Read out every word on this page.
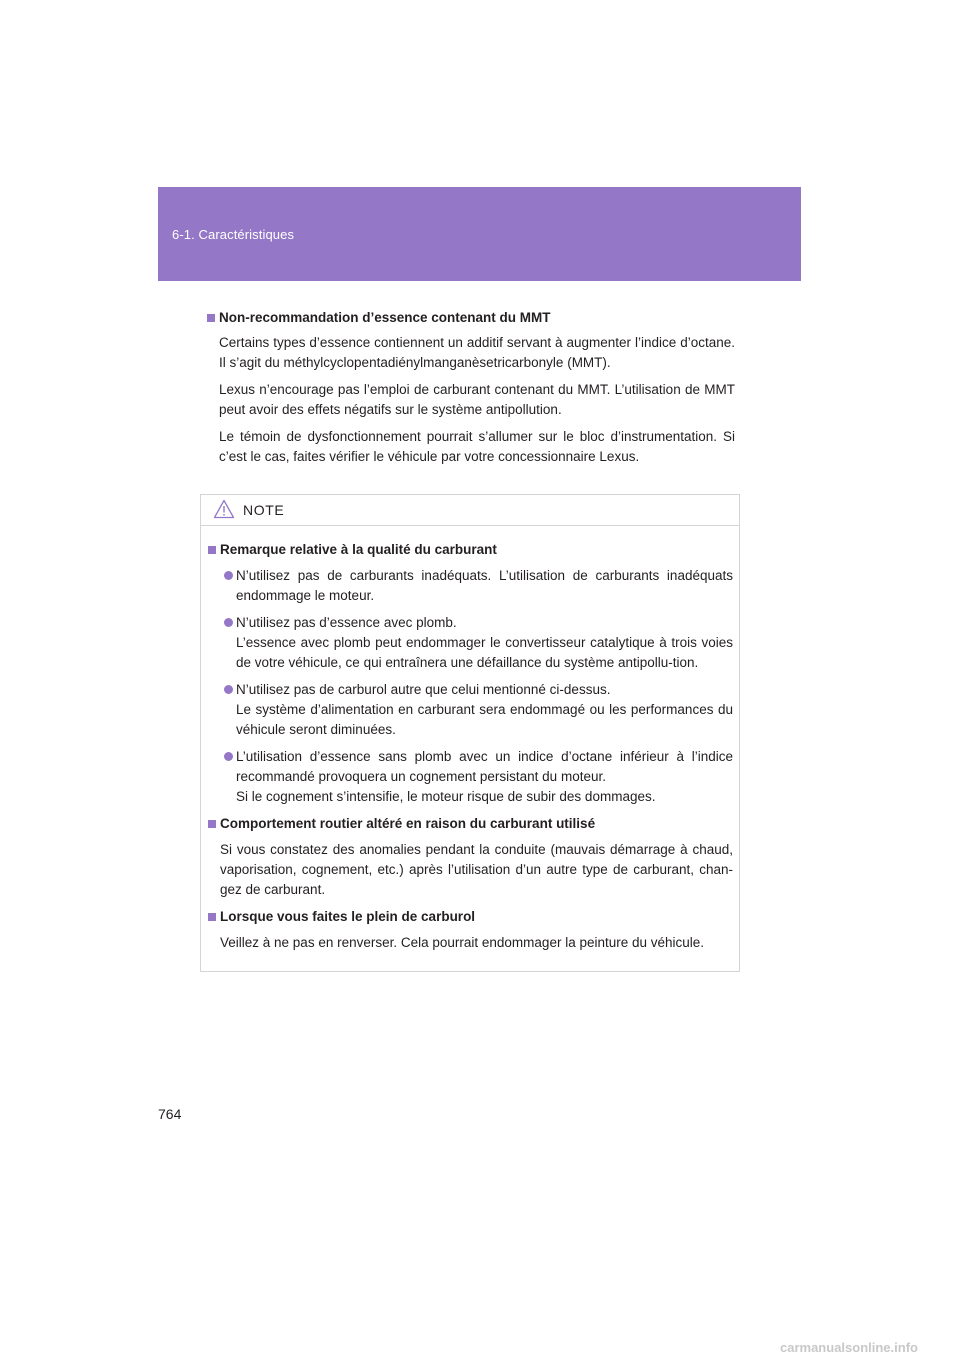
6-1. Caractéristiques
Non-recommandation d’essence contenant du MMT

Certains types d’essence contiennent un additif servant à augmenter l’indice d’octane. Il s’agit du méthylcyclopentadiénylmanganèsetricarbonyle (MMT).

Lexus n’encourage pas l’emploi de carburant contenant du MMT. L’utilisation de MMT peut avoir des effets négatifs sur le système antipollution.

Le témoin de dysfonctionnement pourrait s’allumer sur le bloc d’instrumentation. Si c’est le cas, faites vérifier le véhicule par votre concessionnaire Lexus.

NOTE
Remarque relative à la qualité du carburant
N’utilisez pas de carburants inadéquats. L’utilisation de carburants inadéquats endommage le moteur.
N’utilisez pas d’essence avec plomb.
L’essence avec plomb peut endommager le convertisseur catalytique à trois voies de votre véhicule, ce qui entraînera une défaillance du système antipollu-tion.
N’utilisez pas de carburol autre que celui mentionné ci-dessus.
Le système d’alimentation en carburant sera endommagé ou les performances du véhicule seront diminuées.
L’utilisation d’essence sans plomb avec un indice d’octane inférieur à l’indice recommandé provoquera un cognement persistant du moteur.
Si le cognement s’intensifie, le moteur risque de subir des dommages.
Comportement routier altéré en raison du carburant utilisé

Si vous constatez des anomalies pendant la conduite (mauvais démarrage à chaud, vaporisation, cognement, etc.) après l’utilisation d’un autre type de carburant, chan-gez de carburant.

Lorsque vous faites le plein de carburol

Veillez à ne pas en renverser. Cela pourrait endommager la peinture du véhicule.

764
carmanualsonline.info
